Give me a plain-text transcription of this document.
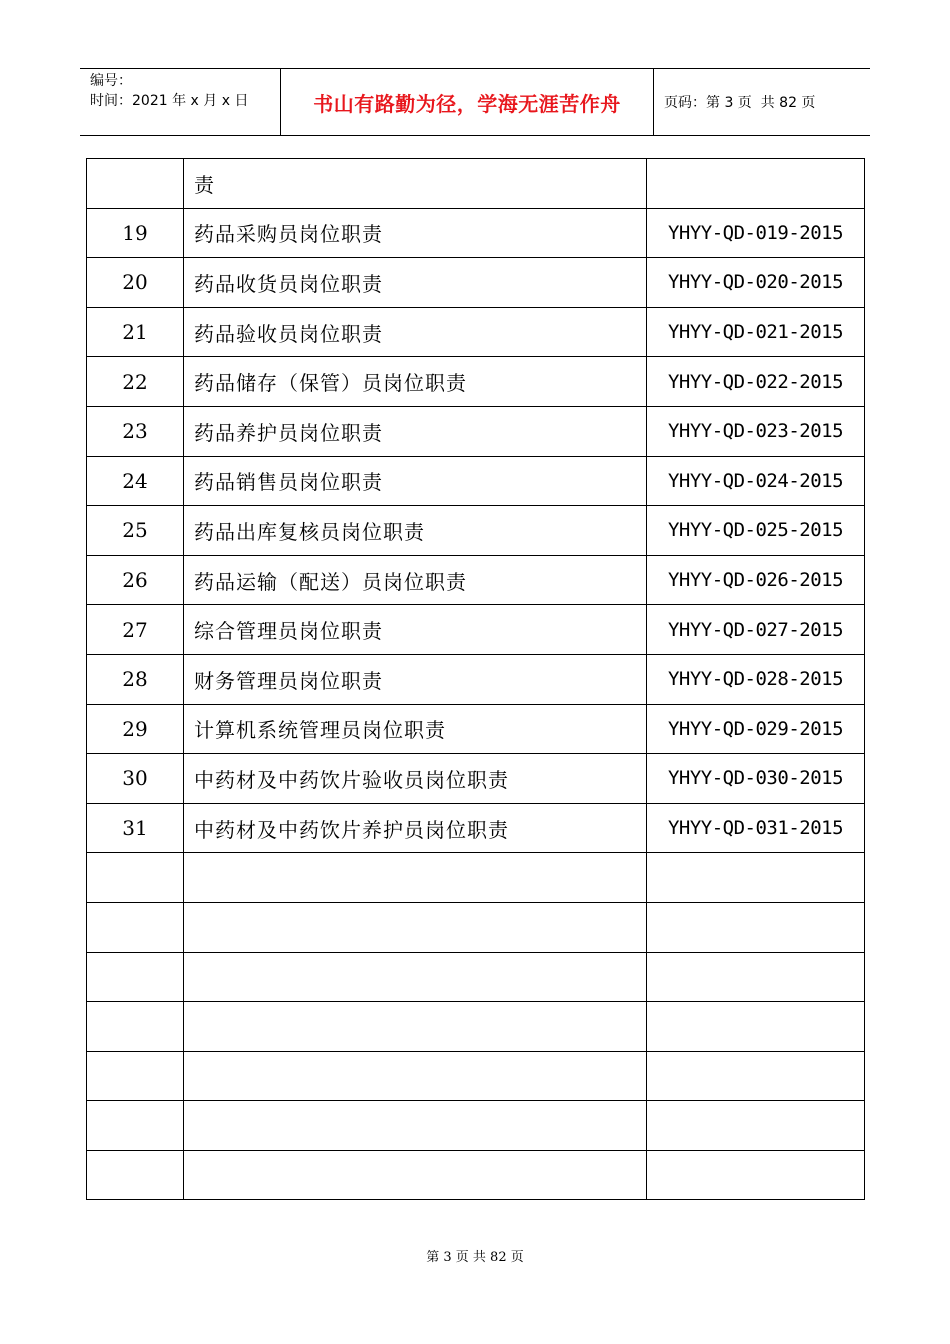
编号：
时间：2021 年 x 月 x 日	书山有路勤为径，学海无涯苦作舟	页码：第 3 页  共 82 页
	责	
19	药品采购员岗位职责	YHYY-QD-019-2015
20	药品收货员岗位职责	YHYY-QD-020-2015
21	药品验收员岗位职责	YHYY-QD-021-2015
22	药品储存（保管）员岗位职责	YHYY-QD-022-2015
23	药品养护员岗位职责	YHYY-QD-023-2015
24	药品销售员岗位职责	YHYY-QD-024-2015
25	药品出库复核员岗位职责	YHYY-QD-025-2015
26	药品运输（配送）员岗位职责	YHYY-QD-026-2015
27	综合管理员岗位职责	YHYY-QD-027-2015
28	财务管理员岗位职责	YHYY-QD-028-2015
29	计算机系统管理员岗位职责	YHYY-QD-029-2015
30	中药材及中药饮片验收员岗位职责	YHYY-QD-030-2015
31	中药材及中药饮片养护员岗位职责	YHYY-QD-031-2015

第 3 页 共 82 页
